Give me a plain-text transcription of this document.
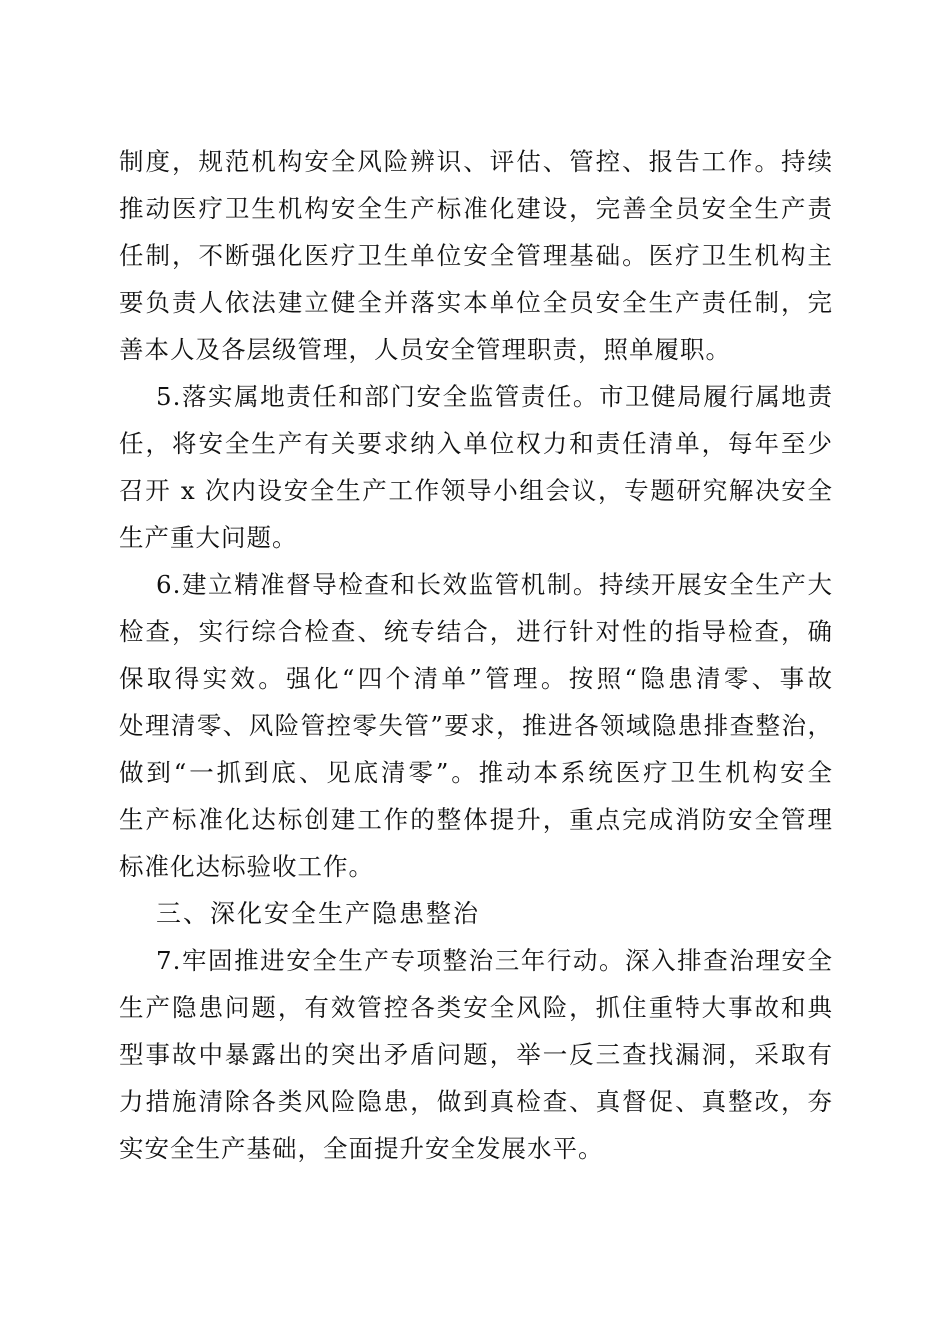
制度，规范机构安全风险辨识、评估、管控、报告工作。持续
推动医疗卫生机构安全生产标准化建设，完善全员安全生产责
任制，不断强化医疗卫生单位安全管理基础。医疗卫生机构主
要负责人依法建立健全并落实本单位全员安全生产责任制，完
善本人及各层级管理，人员安全管理职责，照单履职。
5.落实属地责任和部门安全监管责任。市卫健局履行属地责
任，将安全生产有关要求纳入单位权力和责任清单，每年至少
召开 x 次内设安全生产工作领导小组会议，专题研究解决安全
生产重大问题。
6.建立精准督导检查和长效监管机制。持续开展安全生产大
检查，实行综合检查、统专结合，进行针对性的指导检查，确
保取得实效。强化“四个清单”管理。按照“隐患清零、事故
处理清零、风险管控零失管”要求，推进各领域隐患排查整治，
做到“一抓到底、见底清零”。推动本系统医疗卫生机构安全
生产标准化达标创建工作的整体提升，重点完成消防安全管理
标准化达标验收工作。
三、深化安全生产隐患整治
7.牢固推进安全生产专项整治三年行动。深入排查治理安全
生产隐患问题，有效管控各类安全风险，抓住重特大事故和典
型事故中暴露出的突出矛盾问题，举一反三查找漏洞，采取有
力措施清除各类风险隐患，做到真检查、真督促、真整改，夯
实安全生产基础，全面提升安全发展水平。
